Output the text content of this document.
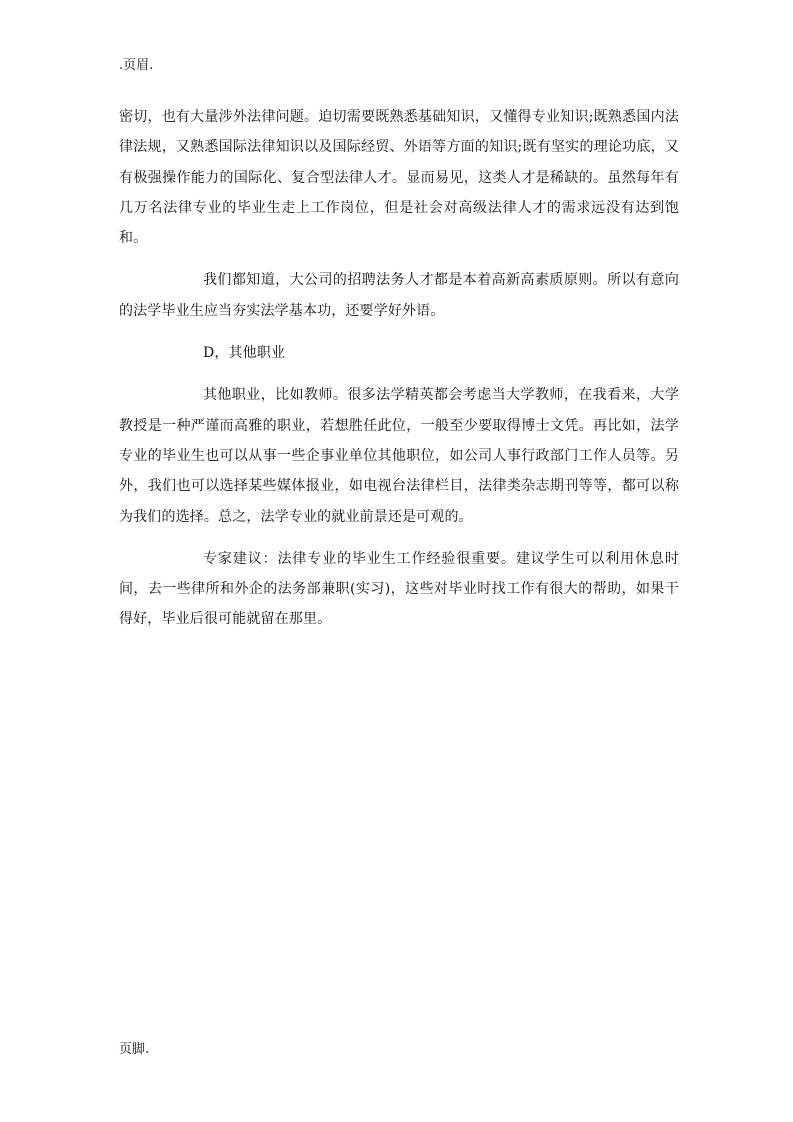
.页眉.

密切，也有大量涉外法律问题。迫切需要既熟悉基础知识，又懂得专业知识;既熟悉国内法律法规，又熟悉国际法律知识以及国际经贸、外语等方面的知识;既有坚实的理论功底，又有极强操作能力的国际化、复合型法律人才。显而易见，这类人才是稀缺的。虽然每年有几万名法律专业的毕业生走上工作岗位，但是社会对高级法律人才的需求远没有达到饱和。

我们都知道，大公司的招聘法务人才都是本着高新高素质原则。所以有意向的法学毕业生应当夯实法学基本功，还要学好外语。

D，其他职业

其他职业，比如教师。很多法学精英都会考虑当大学教师，在我看来，大学教授是一种严谨而高雅的职业，若想胜任此位，一般至少要取得博士文凭。再比如，法学专业的毕业生也可以从事一些企事业单位其他职位，如公司人事行政部门工作人员等。另外，我们也可以选择某些媒体报业，如电视台法律栏目，法律类杂志期刊等等，都可以称为我们的选择。总之，法学专业的就业前景还是可观的。

专家建议：法律专业的毕业生工作经验很重要。建议学生可以利用休息时间，去一些律所和外企的法务部兼职(实习)，这些对毕业时找工作有很大的帮助，如果干得好，毕业后很可能就留在那里。

页脚.
